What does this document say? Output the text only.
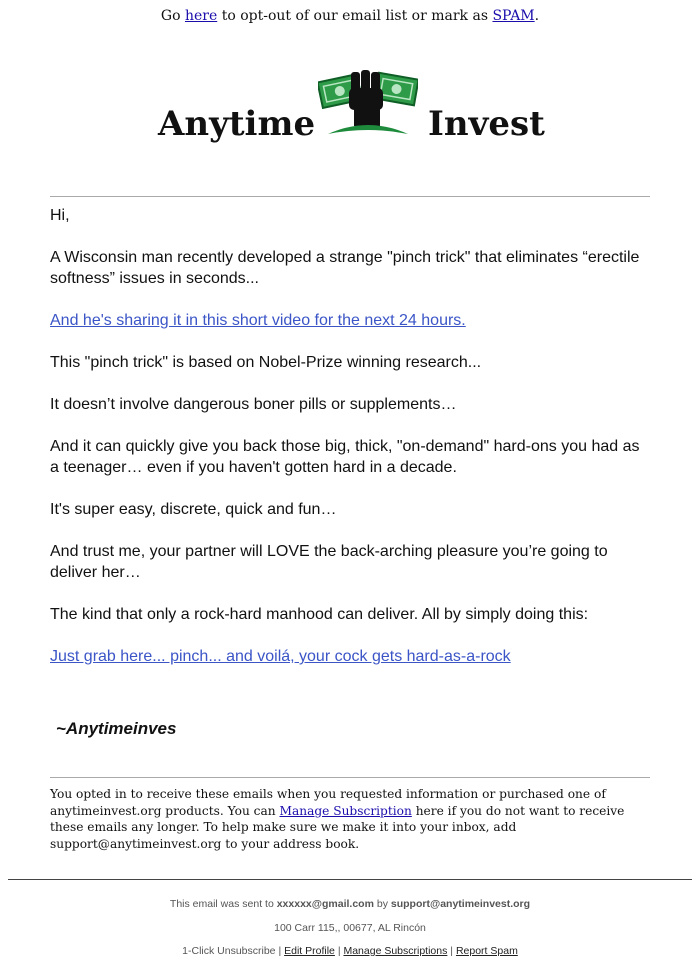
Go here to opt-out of our email list or mark as SPAM.
Anytime	Invest

Hi,

A Wisconsin man recently developed a strange "pinch trick" that eliminates “erectile softness” issues in seconds...

And he's sharing it in this short video for the next 24 hours.

This "pinch trick" is based on Nobel-Prize winning research...

It doesn’t involve dangerous boner pills or supplements…

And it can quickly give you back those big, thick, "on-demand" hard-ons you had as a teenager… even if you haven't gotten hard in a decade.

It's super easy, discrete, quick and fun…

And trust me, your partner will LOVE the back-arching pleasure you’re going to deliver her…

The kind that only a rock-hard manhood can deliver. All by simply doing this:

Just grab here... pinch... and voilá, your cock gets hard-as-a-rock

~Anytimeinves
You opted in to receive these emails when you requested information or purchased one of anytimeinvest.org products. You can Manage Subscription here if you do not want to receive these emails any longer. To help make sure we make it into your inbox, add support@anytimeinvest.org to your address book.
This email was sent to xxxxxx@gmail.com by support@anytimeinvest.org
100 Carr 115,, 00677, AL Rincón
1-Click Unsubscribe | Edit Profile | Manage Subscriptions | Report Spam
